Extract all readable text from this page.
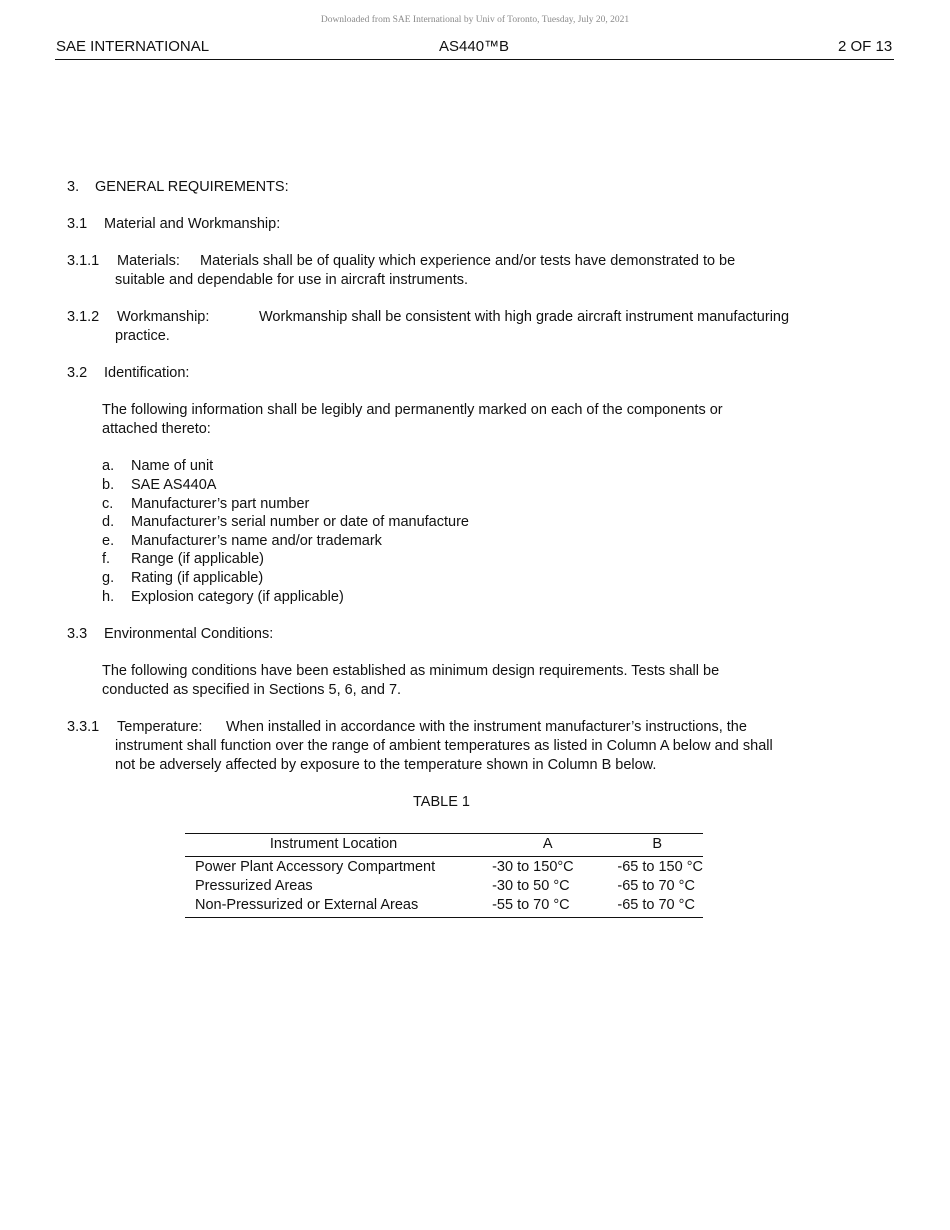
Downloaded from SAE International by Univ of Toronto, Tuesday, July 20, 2021
SAE INTERNATIONAL	AS440™B	2 OF 13
3. GENERAL REQUIREMENTS:
3.1 Material and Workmanship:
3.1.1 Materials: Materials shall be of quality which experience and/or tests have demonstrated to be
suitable and dependable for use in aircraft instruments.
3.1.2 Workmanship:	Workmanship shall be consistent with high grade aircraft instrument manufacturing
practice.
3.2 Identification:
The following information shall be legibly and permanently marked on each of the components or
attached thereto:
a. Name of unit
b. SAE AS440A
c. Manufacturer’s part number
d. Manufacturer’s serial number or date of manufacture
e. Manufacturer’s name and/or trademark
f. Range (if applicable)
g. Rating (if applicable)
h. Explosion category (if applicable)
3.3 Environmental Conditions:
The following conditions have been established as minimum design requirements. Tests shall be
conducted as specified in Sections 5, 6, and 7.
3.3.1 Temperature: When installed in accordance with the instrument manufacturer’s instructions, the
instrument shall function over the range of ambient temperatures as listed in Column A below and shall
not be adversely affected by exposure to the temperature shown in Column B below.
TABLE 1
Instrument Location	A	B
Power Plant Accessory Compartment	-30 to 150°C	-65 to 150 °C
Pressurized Areas	-30 to 50 °C	-65 to 70 °C
Non-Pressurized or External Areas	-55 to 70 °C	-65 to 70 °C
